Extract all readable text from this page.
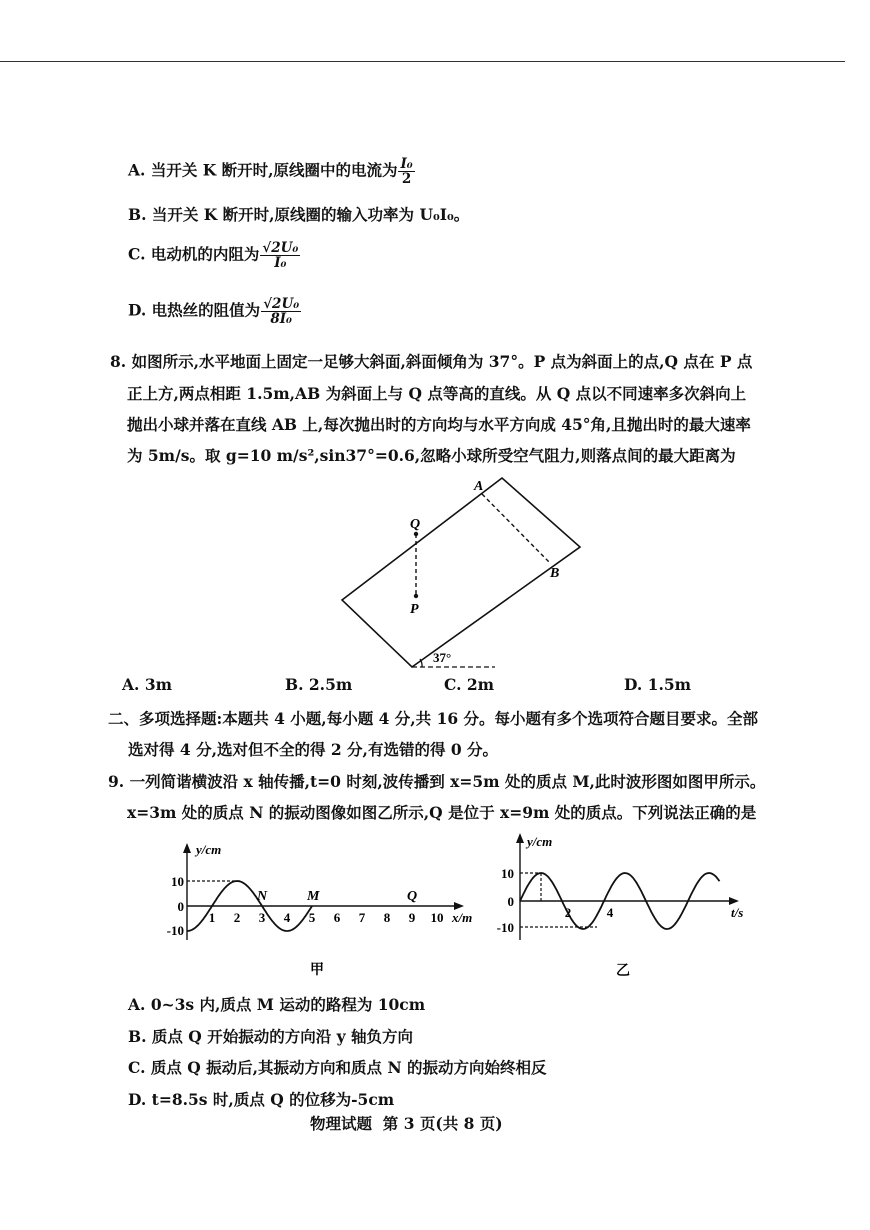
A. 当开关 K 断开时,原线圈中的电流为 $\frac{\text{I₀}}{2}$
B. 当开关 K 断开时,原线圈的输入功率为 U₀I₀。
C. 电动机的内阻为 $\frac{\text{√2U₀}}{\text{I₀}}$
D. 电热丝的阻值为 $\frac{\text{√2U₀}}{\text{8I₀}}$
8. 如图所示,水平地面上固定一足够大斜面,斜面倾角为 37°。P 点为斜面上的点,Q 点在 P 点
正上方,两点相距 1.5m,AB 为斜面上与 Q 点等高的直线。从 Q 点以不同速率多次斜向上
抛出小球并落在直线 AB 上,每次抛出时的方向均与水平方向成 45°角,且抛出时的最大速率
为 5m/s。取 g=10 m/s²,sin37°=0.6,忽略小球所受空气阻力,则落点间的最大距离为
A
B
Q
P
37°
A. 3m	B. 2.5m	C. 2m	D. 1.5m
二、多项选择题:本题共 4 小题,每小题 4 分,共 16 分。每小题有多个选项符合题目要求。全部
选对得 4 分,选对但不全的得 2 分,有选错的得 0 分。
9. 一列简谐横波沿 x 轴传播,t=0 时刻,波传播到 x=5m 处的质点 M,此时波形图如图甲所示。
x=3m 处的质点 N 的振动图像如图乙所示,Q 是位于 x=9m 处的质点。下列说法正确的是
y/cm
x/m
10
0
-10
1 2 3 4 5 6 7 8 9 10
N	M	Q
甲
y/cm
t/s
10
0
-10
2	4
乙
A. 0~3s 内,质点 M 运动的路程为 10cm
B. 质点 Q 开始振动的方向沿 y 轴负方向
C. 质点 Q 振动后,其振动方向和质点 N 的振动方向始终相反
D. t=8.5s 时,质点 Q 的位移为-5cm
物理试题  第 3 页(共 8 页)
